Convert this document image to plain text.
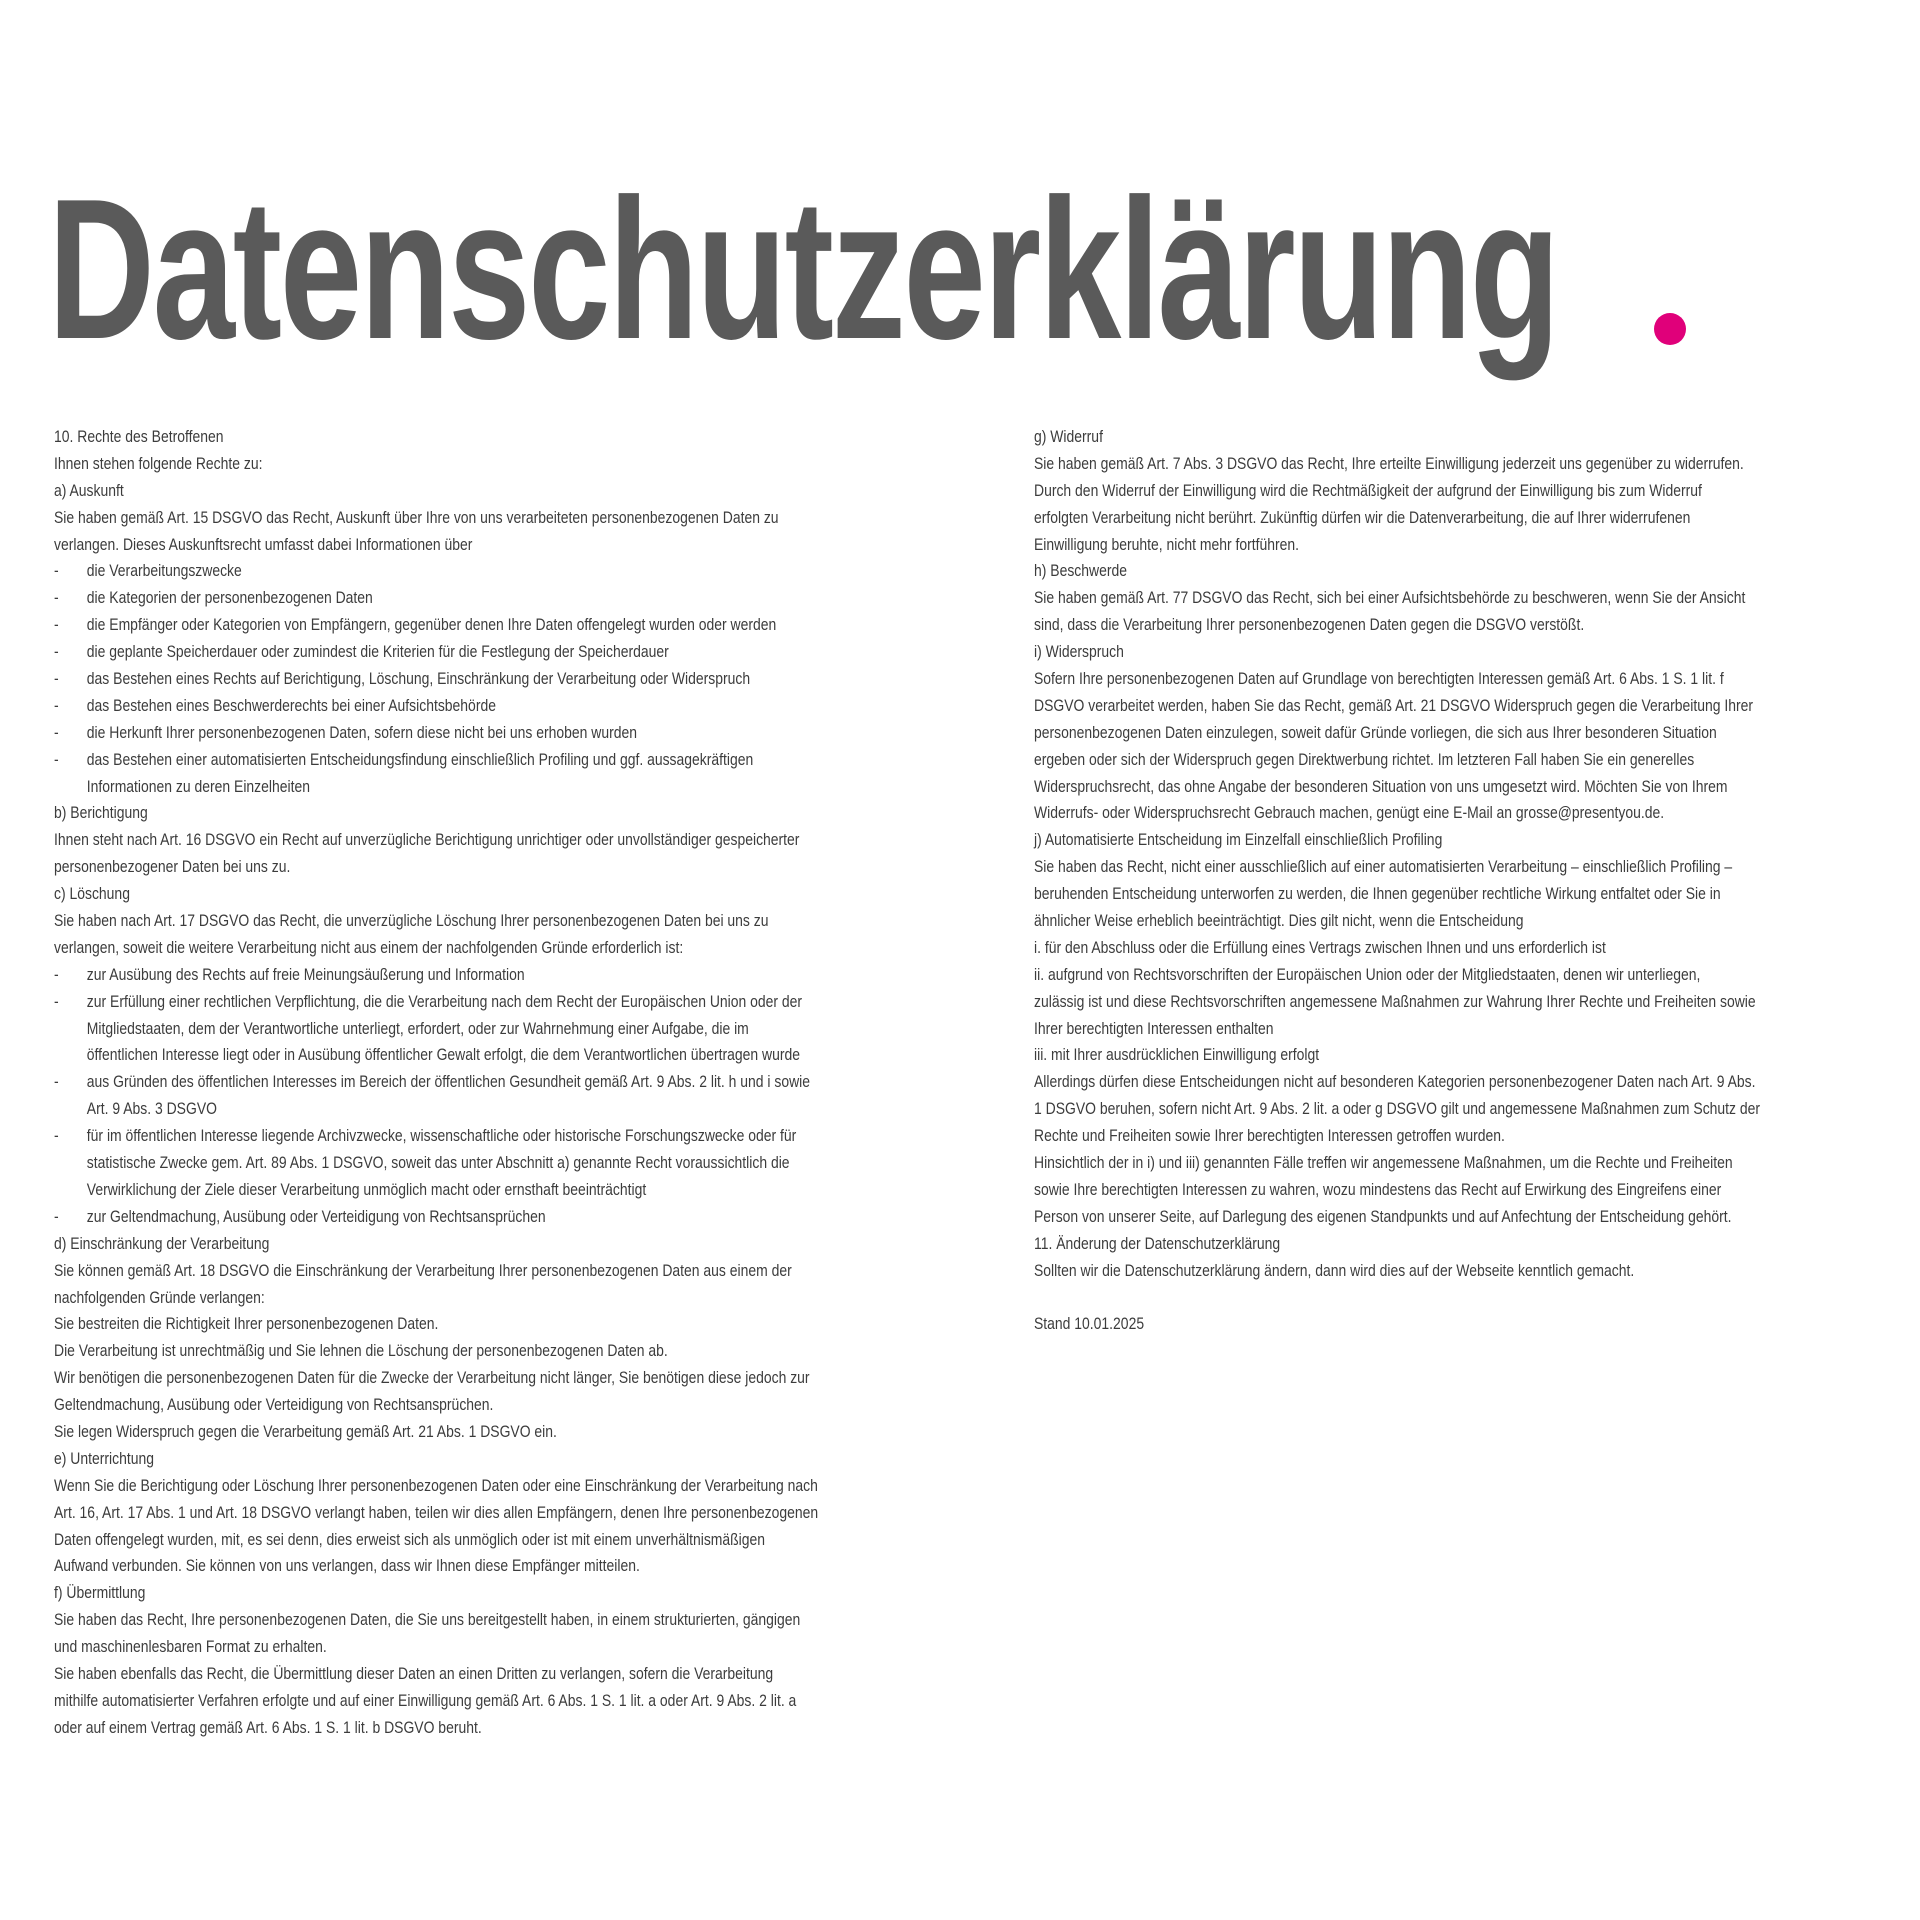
Datenschutzerklärung
10. Rechte des Betroffenen
Ihnen stehen folgende Rechte zu:
a) Auskunft
Sie haben gemäß Art. 15 DSGVO das Recht, Auskunft über Ihre von uns verarbeiteten personenbezogenen Daten zu
verlangen. Dieses Auskunftsrecht umfasst dabei Informationen über
-	die Verarbeitungszwecke
-	die Kategorien der personenbezogenen Daten
-	die Empfänger oder Kategorien von Empfängern, gegenüber denen Ihre Daten offengelegt wurden oder werden
-	die geplante Speicherdauer oder zumindest die Kriterien für die Festlegung der Speicherdauer
-	das Bestehen eines Rechts auf Berichtigung, Löschung, Einschränkung der Verarbeitung oder Widerspruch
-	das Bestehen eines Beschwerderechts bei einer Aufsichtsbehörde
-	die Herkunft Ihrer personenbezogenen Daten, sofern diese nicht bei uns erhoben wurden
-	das Bestehen einer automatisierten Entscheidungsfindung einschließlich Profiling und ggf. aussagekräftigen
Informationen zu deren Einzelheiten
b) Berichtigung
Ihnen steht nach Art. 16 DSGVO ein Recht auf unverzügliche Berichtigung unrichtiger oder unvollständiger gespeicherter
personenbezogener Daten bei uns zu.
c) Löschung
Sie haben nach Art. 17 DSGVO das Recht, die unverzügliche Löschung Ihrer personenbezogenen Daten bei uns zu
verlangen, soweit die weitere Verarbeitung nicht aus einem der nachfolgenden Gründe erforderlich ist:
-	zur Ausübung des Rechts auf freie Meinungsäußerung und Information
-	zur Erfüllung einer rechtlichen Verpflichtung, die die Verarbeitung nach dem Recht der Europäischen Union oder der
Mitgliedstaaten, dem der Verantwortliche unterliegt, erfordert, oder zur Wahrnehmung einer Aufgabe, die im
öffentlichen Interesse liegt oder in Ausübung öffentlicher Gewalt erfolgt, die dem Verantwortlichen übertragen wurde
-	aus Gründen des öffentlichen Interesses im Bereich der öffentlichen Gesundheit gemäß Art. 9 Abs. 2 lit. h und i sowie
Art. 9 Abs. 3 DSGVO
-	für im öffentlichen Interesse liegende Archivzwecke, wissenschaftliche oder historische Forschungszwecke oder für
statistische Zwecke gem. Art. 89 Abs. 1 DSGVO, soweit das unter Abschnitt a) genannte Recht voraussichtlich die
Verwirklichung der Ziele dieser Verarbeitung unmöglich macht oder ernsthaft beeinträchtigt
-	zur Geltendmachung, Ausübung oder Verteidigung von Rechtsansprüchen
d) Einschränkung der Verarbeitung
Sie können gemäß Art. 18 DSGVO die Einschränkung der Verarbeitung Ihrer personenbezogenen Daten aus einem der
nachfolgenden Gründe verlangen:
Sie bestreiten die Richtigkeit Ihrer personenbezogenen Daten.
Die Verarbeitung ist unrechtmäßig und Sie lehnen die Löschung der personenbezogenen Daten ab.
Wir benötigen die personenbezogenen Daten für die Zwecke der Verarbeitung nicht länger, Sie benötigen diese jedoch zur
Geltendmachung, Ausübung oder Verteidigung von Rechtsansprüchen.
Sie legen Widerspruch gegen die Verarbeitung gemäß Art. 21 Abs. 1 DSGVO ein.
e) Unterrichtung
Wenn Sie die Berichtigung oder Löschung Ihrer personenbezogenen Daten oder eine Einschränkung der Verarbeitung nach
Art. 16, Art. 17 Abs. 1 und Art. 18 DSGVO verlangt haben, teilen wir dies allen Empfängern, denen Ihre personenbezogenen
Daten offengelegt wurden, mit, es sei denn, dies erweist sich als unmöglich oder ist mit einem unverhältnismäßigen
Aufwand verbunden. Sie können von uns verlangen, dass wir Ihnen diese Empfänger mitteilen.
f) Übermittlung
Sie haben das Recht, Ihre personenbezogenen Daten, die Sie uns bereitgestellt haben, in einem strukturierten, gängigen
und maschinenlesbaren Format zu erhalten.
Sie haben ebenfalls das Recht, die Übermittlung dieser Daten an einen Dritten zu verlangen, sofern die Verarbeitung
mithilfe automatisierter Verfahren erfolgte und auf einer Einwilligung gemäß Art. 6 Abs. 1 S. 1 lit. a oder Art. 9 Abs. 2 lit. a
oder auf einem Vertrag gemäß Art. 6 Abs. 1 S. 1 lit. b DSGVO beruht.
g) Widerruf
Sie haben gemäß Art. 7 Abs. 3 DSGVO das Recht, Ihre erteilte Einwilligung jederzeit uns gegenüber zu widerrufen.
Durch den Widerruf der Einwilligung wird die Rechtmäßigkeit der aufgrund der Einwilligung bis zum Widerruf
erfolgten Verarbeitung nicht berührt. Zukünftig dürfen wir die Datenverarbeitung, die auf Ihrer widerrufenen
Einwilligung beruhte, nicht mehr fortführen.
h) Beschwerde
Sie haben gemäß Art. 77 DSGVO das Recht, sich bei einer Aufsichtsbehörde zu beschweren, wenn Sie der Ansicht
sind, dass die Verarbeitung Ihrer personenbezogenen Daten gegen die DSGVO verstößt.
i) Widerspruch
Sofern Ihre personenbezogenen Daten auf Grundlage von berechtigten Interessen gemäß Art. 6 Abs. 1 S. 1 lit. f
DSGVO verarbeitet werden, haben Sie das Recht, gemäß Art. 21 DSGVO Widerspruch gegen die Verarbeitung Ihrer
personenbezogenen Daten einzulegen, soweit dafür Gründe vorliegen, die sich aus Ihrer besonderen Situation
ergeben oder sich der Widerspruch gegen Direktwerbung richtet. Im letzteren Fall haben Sie ein generelles
Widerspruchsrecht, das ohne Angabe der besonderen Situation von uns umgesetzt wird. Möchten Sie von Ihrem
Widerrufs- oder Widerspruchsrecht Gebrauch machen, genügt eine E-Mail an grosse@presentyou.de.
j) Automatisierte Entscheidung im Einzelfall einschließlich Profiling
Sie haben das Recht, nicht einer ausschließlich auf einer automatisierten Verarbeitung – einschließlich Profiling –
beruhenden Entscheidung unterworfen zu werden, die Ihnen gegenüber rechtliche Wirkung entfaltet oder Sie in
ähnlicher Weise erheblich beeinträchtigt. Dies gilt nicht, wenn die Entscheidung
i. für den Abschluss oder die Erfüllung eines Vertrags zwischen Ihnen und uns erforderlich ist
ii. aufgrund von Rechtsvorschriften der Europäischen Union oder der Mitgliedstaaten, denen wir unterliegen,
zulässig ist und diese Rechtsvorschriften angemessene Maßnahmen zur Wahrung Ihrer Rechte und Freiheiten sowie
Ihrer berechtigten Interessen enthalten
iii. mit Ihrer ausdrücklichen Einwilligung erfolgt
Allerdings dürfen diese Entscheidungen nicht auf besonderen Kategorien personenbezogener Daten nach Art. 9 Abs.
1 DSGVO beruhen, sofern nicht Art. 9 Abs. 2 lit. a oder g DSGVO gilt und angemessene Maßnahmen zum Schutz der
Rechte und Freiheiten sowie Ihrer berechtigten Interessen getroffen wurden.
Hinsichtlich der in i) und iii) genannten Fälle treffen wir angemessene Maßnahmen, um die Rechte und Freiheiten
sowie Ihre berechtigten Interessen zu wahren, wozu mindestens das Recht auf Erwirkung des Eingreifens einer
Person von unserer Seite, auf Darlegung des eigenen Standpunkts und auf Anfechtung der Entscheidung gehört.
11. Änderung der Datenschutzerklärung
Sollten wir die Datenschutzerklärung ändern, dann wird dies auf der Webseite kenntlich gemacht.
Stand 10.01.2025
